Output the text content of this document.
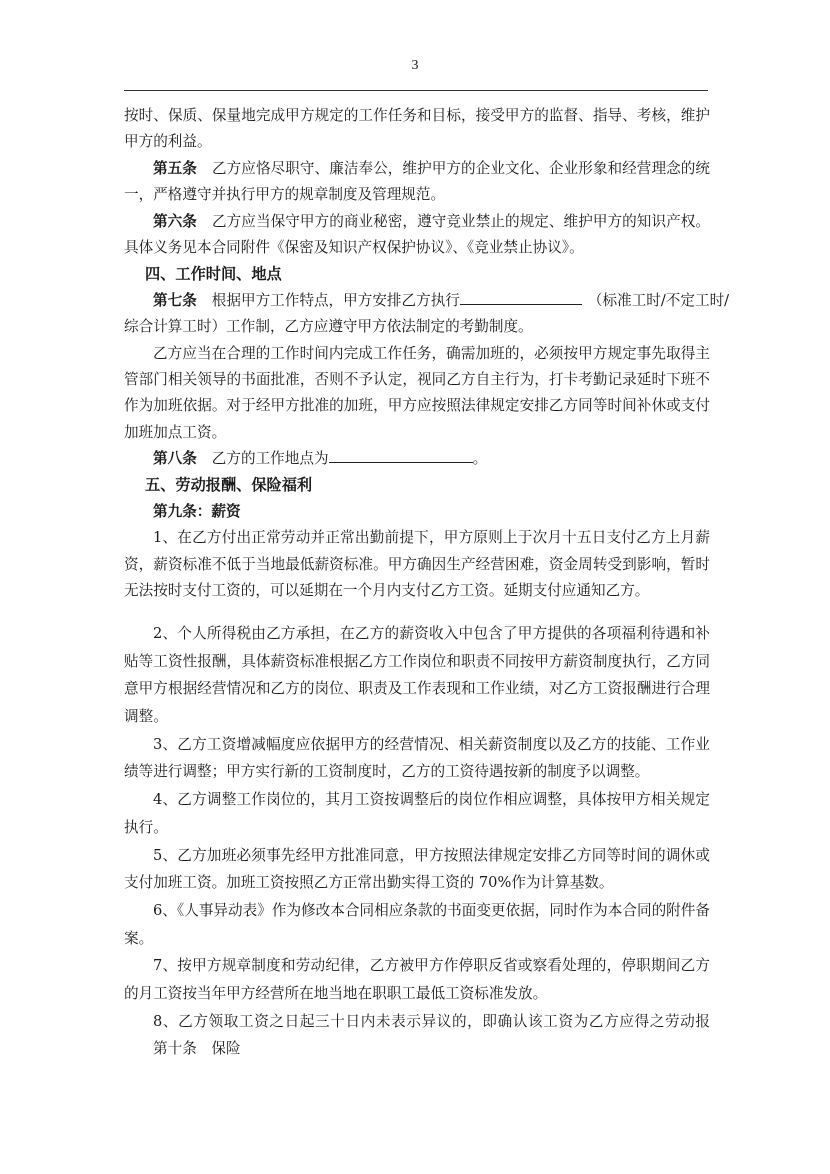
3
按时、保质、保量地完成甲方规定的工作任务和目标，接受甲方的监督、指导、考核，维护
甲方的利益。
第五条 乙方应恪尽职守、廉洁奉公，维护甲方的企业文化、企业形象和经营理念的统
一，严格遵守并执行甲方的规章制度及管理规范。
第六条 乙方应当保守甲方的商业秘密，遵守竞业禁止的规定、维护甲方的知识产权。
具体义务见本合同附件《保密及知识产权保护协议》、《竞业禁止协议》。
四、工作时间、地点
第七条 根据甲方工作特点，甲方安排乙方执行	（标准工时/不定工时/
综合计算工时）工作制，乙方应遵守甲方依法制定的考勤制度。
乙方应当在合理的工作时间内完成工作任务，确需加班的，必须按甲方规定事先取得主
管部门相关领导的书面批准，否则不予认定，视同乙方自主行为，打卡考勤记录延时下班不
作为加班依据。对于经甲方批准的加班，甲方应按照法律规定安排乙方同等时间补休或支付
加班加点工资。
第八条 乙方的工作地点为	。
五、劳动报酬、保险福利
第九条：薪资
1、在乙方付出正常劳动并正常出勤前提下，甲方原则上于次月十五日支付乙方上月薪
资，薪资标准不低于当地最低薪资标准。甲方确因生产经营困难，资金周转受到影响，暂时
无法按时支付工资的，可以延期在一个月内支付乙方工资。延期支付应通知乙方。
2、个人所得税由乙方承担，在乙方的薪资收入中包含了甲方提供的各项福利待遇和补
贴等工资性报酬，具体薪资标准根据乙方工作岗位和职责不同按甲方薪资制度执行，乙方同
意甲方根据经营情况和乙方的岗位、职责及工作表现和工作业绩，对乙方工资报酬进行合理
调整。
3、乙方工资增减幅度应依据甲方的经营情况、相关薪资制度以及乙方的技能、工作业
绩等进行调整；甲方实行新的工资制度时，乙方的工资待遇按新的制度予以调整。
4、乙方调整工作岗位的，其月工资按调整后的岗位作相应调整，具体按甲方相关规定
执行。
5、乙方加班必须事先经甲方批准同意，甲方按照法律规定安排乙方同等时间的调休或
支付加班工资。加班工资按照乙方正常出勤实得工资的 70%作为计算基数。
6、《人事异动表》作为修改本合同相应条款的书面变更依据，同时作为本合同的附件备
案。
7、按甲方规章制度和劳动纪律，乙方被甲方作停职反省或察看处理的，停职期间乙方
的月工资按当年甲方经营所在地当地在职职工最低工资标准发放。
8、乙方领取工资之日起三十日内未表示异议的，即确认该工资为乙方应得之劳动报
第十条　保险
